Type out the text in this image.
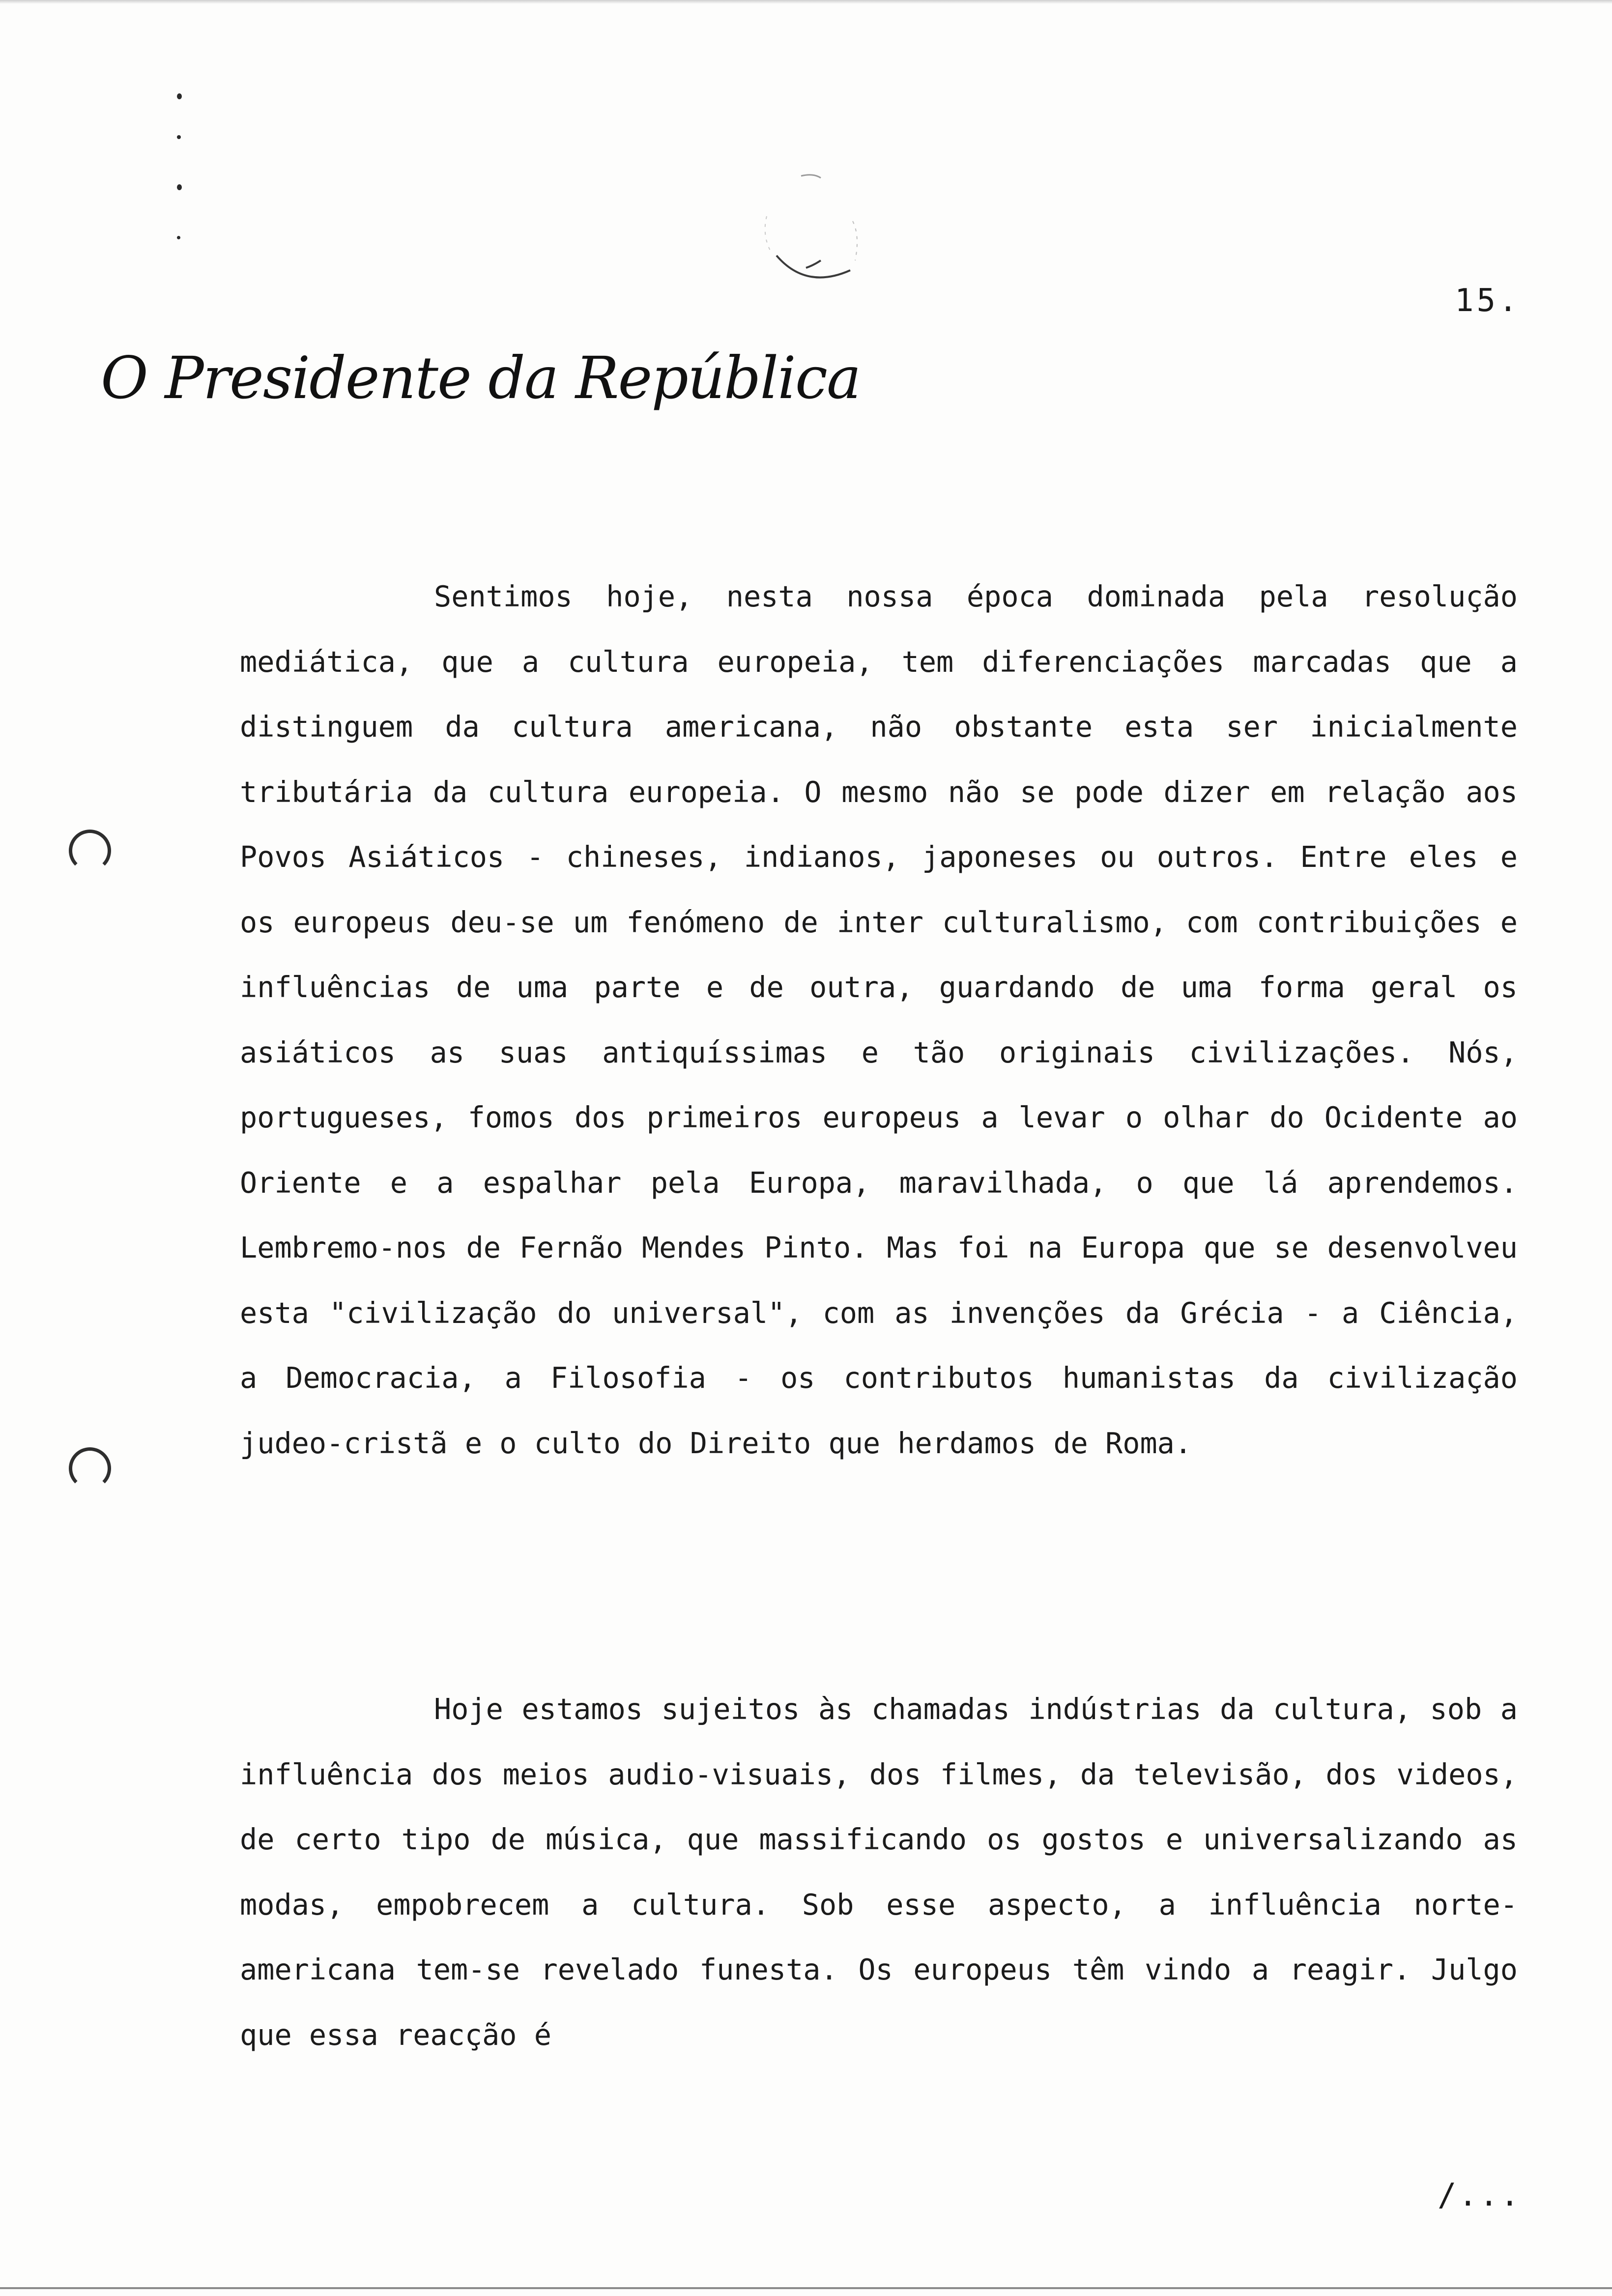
15.
O Presidente da República
Sentimos hoje, nesta nossa época dominada pela resolução mediática, que a cultura europeia, tem diferenciações marcadas que a distinguem da cultura americana, não obstante esta ser inicialmente tributária da cultura europeia. O mesmo não se pode dizer em relação aos Povos Asiáticos - chineses, indianos, japoneses ou outros. Entre eles e os europeus deu-se um fenómeno de inter culturalismo, com contribuições e influências de uma parte e de outra, guardando de uma forma geral os asiáticos as suas antiquíssimas e tão originais civilizações. Nós, portugueses, fomos dos primeiros europeus a levar o olhar do Ocidente ao Oriente e a espalhar pela Europa, maravilhada, o que lá aprendemos. Lembremo-nos de Fernão Mendes Pinto. Mas foi na Europa que se desenvolveu esta "civilização do universal", com as invenções da Grécia - a Ciência, a Democracia, a Filosofia - os contributos humanistas da civilização judeo-cristã e o culto do Direito que herdamos de Roma.
Hoje estamos sujeitos às chamadas indústrias da cultura, sob a influência dos meios audio-visuais, dos filmes, da televisão, dos videos, de certo tipo de música, que massificando os gostos e universalizando as modas, empobrecem a cultura. Sob esse aspecto, a influência norte-americana tem-se revelado funesta. Os europeus têm vindo a reagir. Julgo que essa reacção é
/...
